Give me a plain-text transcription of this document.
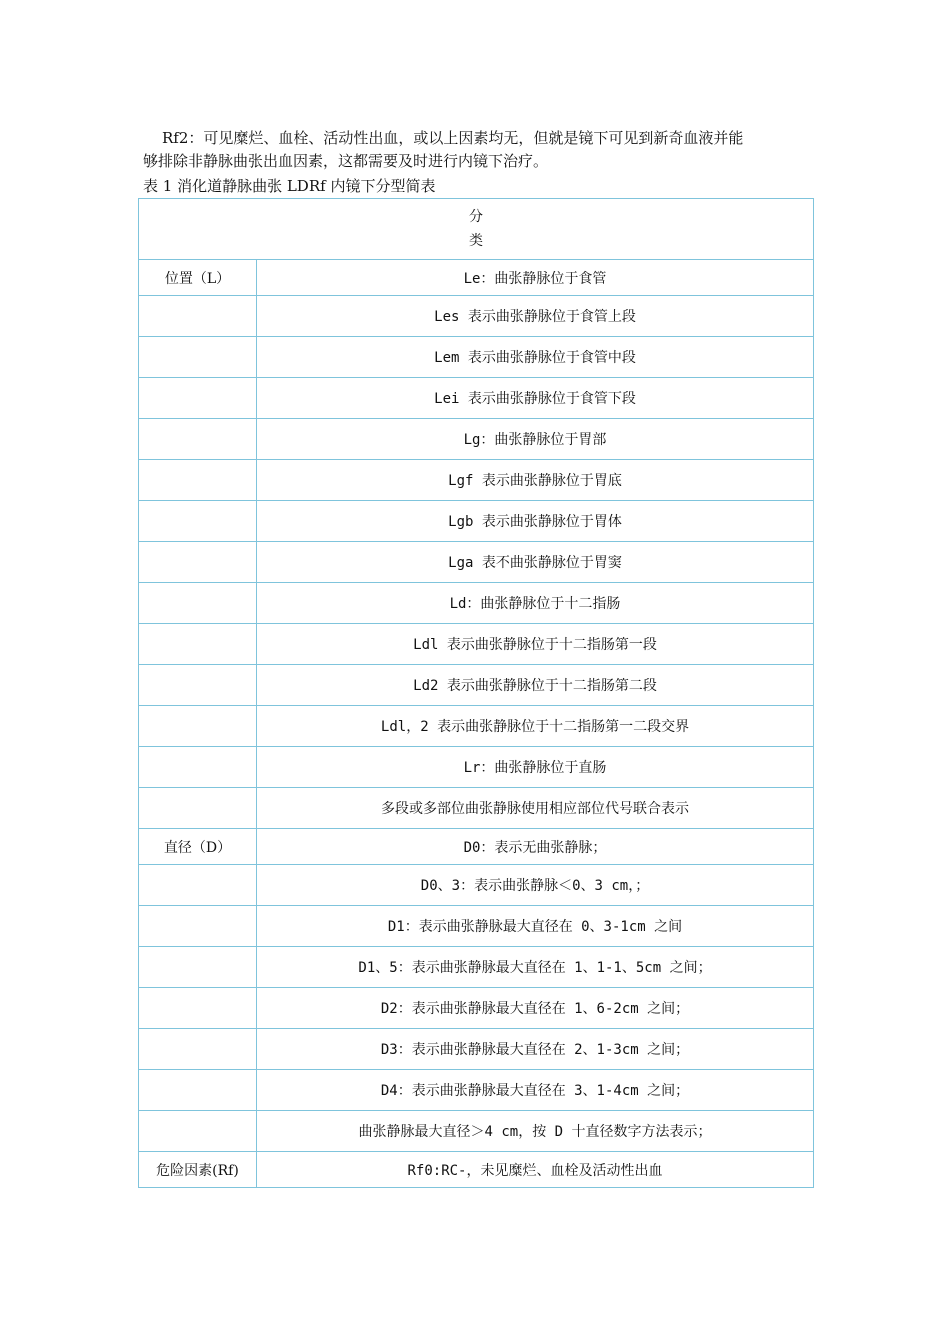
Rf2：可见糜烂、血栓、活动性出血，或以上因素均无，但就是镜下可见到新奇血液并能

够排除非静脉曲张出血因素，这都需要及时进行内镜下治疗。

表 1 消化道静脉曲张 LDRf 内镜下分型简表
分
类	

位置（L）	Le：曲张静脉位于食管
	Les 表示曲张静脉位于食管上段
	Lem 表示曲张静脉位于食管中段
	Lei 表示曲张静脉位于食管下段
	Lg：曲张静脉位于胃部
	Lgf 表示曲张静脉位于胃底
	Lgb 表示曲张静脉位于胃体
	Lga 表不曲张静脉位于胃窦
	Ld：曲张静脉位于十二指肠
	Ldl 表示曲张静脉位于十二指肠第一段
	Ld2 表示曲张静脉位于十二指肠第二段
	Ldl，2 表示曲张静脉位于十二指肠第一二段交界
	Lr：曲张静脉位于直肠
	多段或多部位曲张静脉使用相应部位代号联合表示
直径（D）	D0：表示无曲张静脉；
	D0、3：表示曲张静脉＜0、3 cm，；
	D1：表示曲张静脉最大直径在 0、3-1cm 之间
	D1、5：表示曲张静脉最大直径在 1、1-1、5cm 之间；
	D2：表示曲张静脉最大直径在 1、6-2cm 之间；
	D3：表示曲张静脉最大直径在 2、1-3cm 之间；
	D4：表示曲张静脉最大直径在 3、1-4cm 之间；
	曲张静脉最大直径＞4 cm，按 D 十直径数字方法表示；
危险因素(Rf)	Rf0:RC-，未见糜烂、血栓及活动性出血
